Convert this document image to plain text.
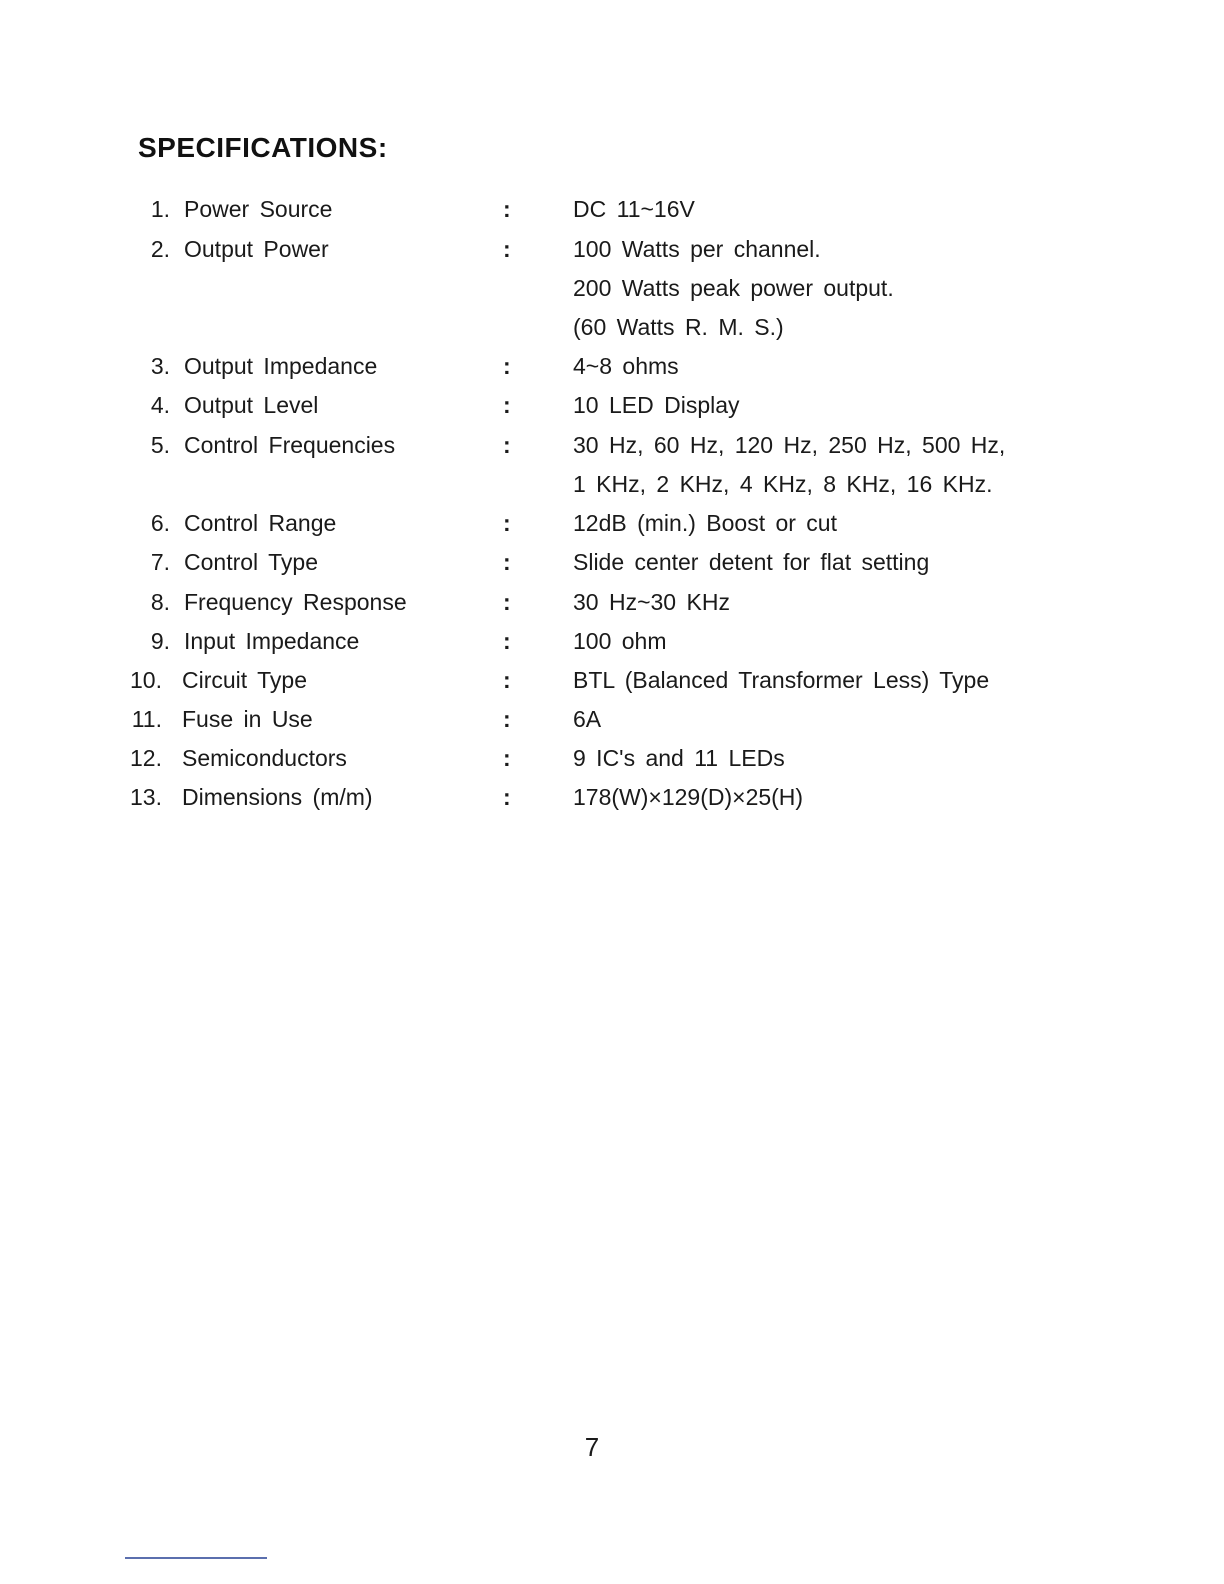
SPECIFICATIONS:
1. Power Source	:	DC 11~16V
2. Output Power	:	100 Watts per channel.
200 Watts peak power output.
(60 Watts R. M. S.)
3. Output Impedance	:	4~8 ohms
4. Output Level	:	10 LED Display
5. Control Frequencies	:	30 Hz, 60 Hz, 120 Hz, 250 Hz, 500 Hz,
1 KHz, 2 KHz, 4 KHz, 8 KHz, 16 KHz.
6. Control Range	:	12dB (min.) Boost or cut
7. Control Type	:	Slide center detent for flat setting
8. Frequency Response	:	30 Hz~30 KHz
9. Input Impedance	:	100 ohm
10. Circuit Type	:	BTL (Balanced Transformer Less) Type
11. Fuse in Use	:	6A
12. Semiconductors	:	9 IC's and 11 LEDs
13. Dimensions (m/m)	:	178(W)×129(D)×25(H)
7
